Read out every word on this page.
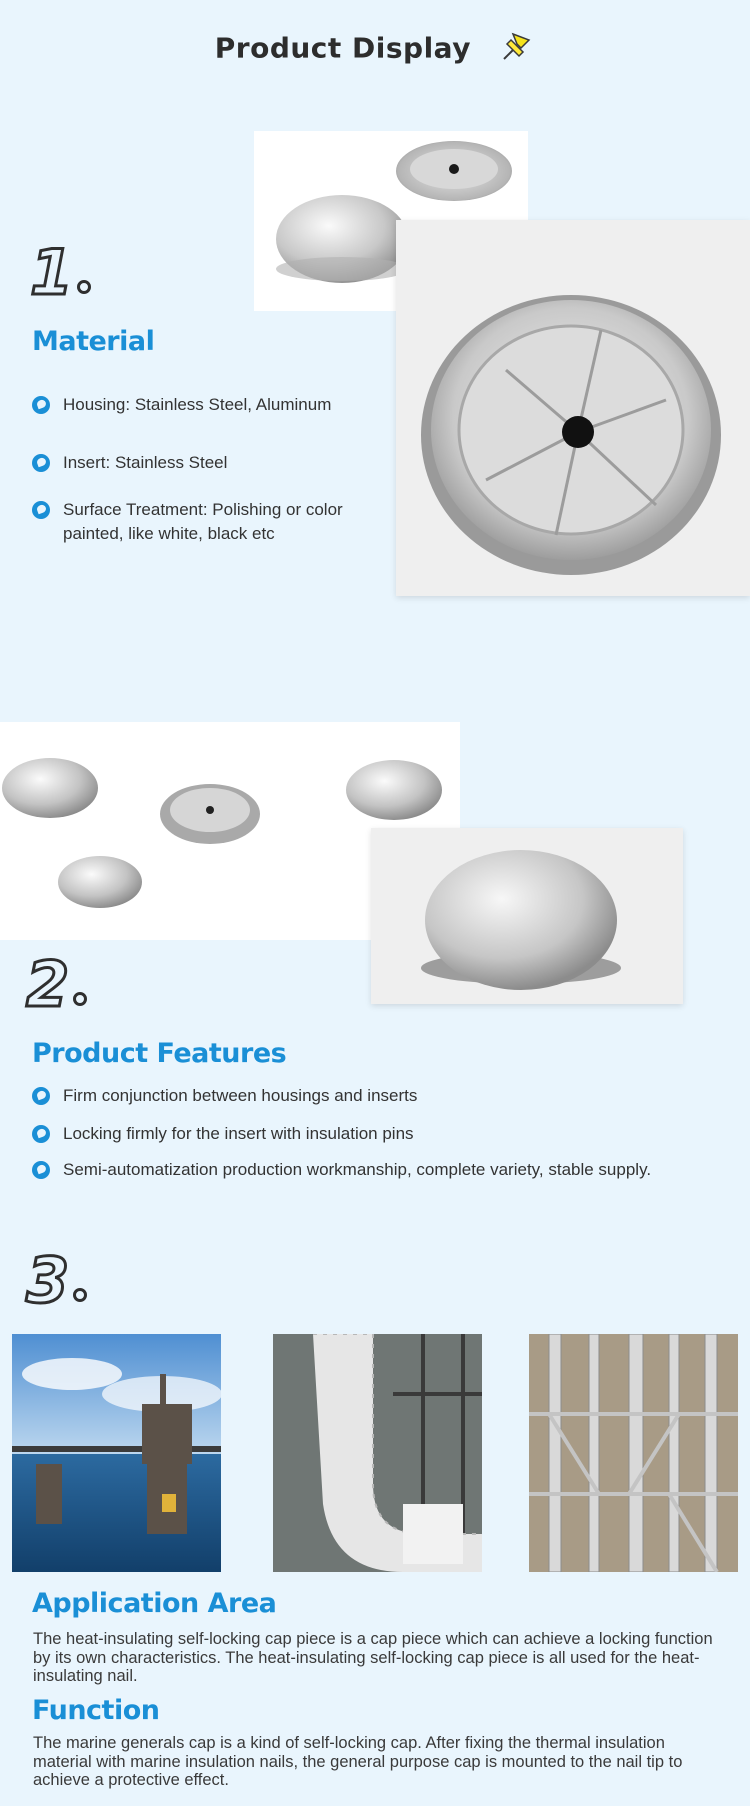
Product Display
1
Material
Housing: Stainless Steel, Aluminum
Insert: Stainless Steel
Surface Treatment: Polishing or color painted, like white, black etc
2
Product Features
Firm conjunction between housings and inserts
Locking firmly for the insert with insulation pins
Semi-automatization production workmanship, complete variety, stable supply.
3
Application Area
The heat-insulating self-locking cap piece is a cap piece which can achieve a locking function by its own characteristics. The heat-insulating self-locking cap piece is all used for the heat-insulating nail.
Function
The marine generals cap is a kind of self-locking cap. After fixing the thermal insulation material with marine insulation nails, the general purpose cap is mounted to the nail tip to achieve a protective effect.
